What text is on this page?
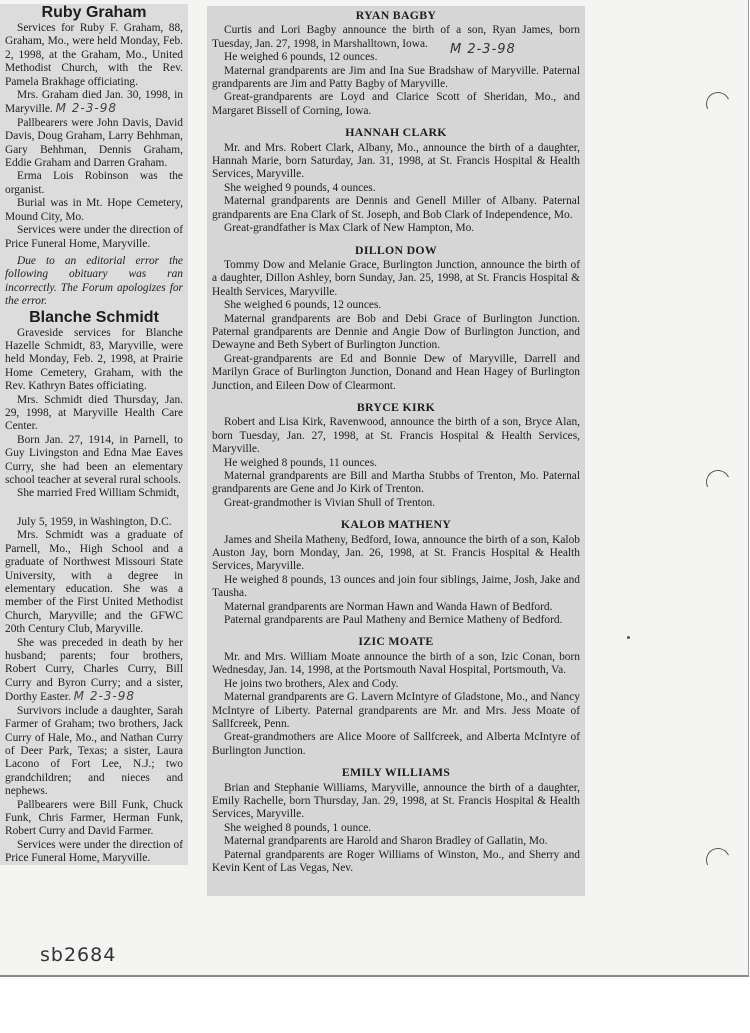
Ruby Graham

Services for Ruby F. Graham, 88, Graham, Mo., were held Monday, Feb. 2, 1998, at the Graham, Mo., United Methodist Church, with the Rev. Pamela Brakhage officiating.

Mrs. Graham died Jan. 30, 1998, in Maryville. M 2-3-98

Pallbearers were John Davis, David Davis, Doug Graham, Larry Behhman, Gary Behhman, Dennis Graham, Eddie Graham and Darren Graham.

Erma Lois Robinson was the organist.

Burial was in Mt. Hope Cemetery, Mound City, Mo.

Services were under the direction of Price Funeral Home, Maryville.

Due to an editorial error the following obituary was ran incorrectly. The Forum apologizes for the error.

Blanche Schmidt

Graveside services for Blanche Hazelle Schmidt, 83, Maryville, were held Monday, Feb. 2, 1998, at Prairie Home Cemetery, Graham, with the Rev. Kathryn Bates officiating.

Mrs. Schmidt died Thursday, Jan. 29, 1998, at Maryville Health Care Center.

Born Jan. 27, 1914, in Parnell, to Guy Livingston and Edna Mae Eaves Curry, she had been an elementary school teacher at several rural schools.

She married Fred William Schmidt,

July 5, 1959, in Washington, D.C.

Mrs. Schmidt was a graduate of Parnell, Mo., High School and a graduate of Northwest Missouri State University, with a degree in elementary education. She was a member of the First United Methodist Church, Maryville; and the GFWC 20th Century Club, Maryville.

She was preceded in death by her husband; parents; four brothers, Robert Curry, Charles Curry, Bill Curry and Byron Curry; and a sister, Dorthy Easter. M 2-3-98

Survivors include a daughter, Sarah Farmer of Graham; two brothers, Jack Curry of Hale, Mo., and Nathan Curry of Deer Park, Texas; a sister, Laura Lacono of Fort Lee, N.J.; two grandchildren; and nieces and nephews.

Pallbearers were Bill Funk, Chuck Funk, Chris Farmer, Herman Funk, Robert Curry and David Farmer.

Services were under the direction of Price Funeral Home, Maryville.

RYAN BAGBY

Curtis and Lori Bagby announce the birth of a son, Ryan James, born Tuesday, Jan. 27, 1998, in Marshalltown, Iowa.

He weighed 6 pounds, 12 ounces.

Maternal grandparents are Jim and Ina Sue Bradshaw of Maryville. Paternal grandparents are Jim and Patty Bagby of Maryville.

Great-grandparents are Loyd and Clarice Scott of Sheridan, Mo., and Margaret Bissell of Corning, Iowa.

HANNAH CLARK

Mr. and Mrs. Robert Clark, Albany, Mo., announce the birth of a daughter, Hannah Marie, born Saturday, Jan. 31, 1998, at St. Francis Hospital & Health Services, Maryville.

She weighed 9 pounds, 4 ounces.

Maternal grandparents are Dennis and Genell Miller of Albany. Paternal grandparents are Ena Clark of St. Joseph, and Bob Clark of Independence, Mo.

Great-grandfather is Max Clark of New Hampton, Mo.

DILLON DOW

Tommy Dow and Melanie Grace, Burlington Junction, announce the birth of a daughter, Dillon Ashley, born Sunday, Jan. 25, 1998, at St. Francis Hospital & Health Services, Maryville.

She weighed 6 pounds, 12 ounces.

Maternal grandparents are Bob and Debi Grace of Burlington Junction. Paternal grandparents are Dennie and Angie Dow of Burlington Junction, and Dewayne and Beth Sybert of Burlington Junction.

Great-grandparents are Ed and Bonnie Dew of Maryville, Darrell and Marilyn Grace of Burlington Junction, Donand and Hean Hagey of Burlington Junction, and Eileen Dow of Clearmont.

BRYCE KIRK

Robert and Lisa Kirk, Ravenwood, announce the birth of a son, Bryce Alan, born Tuesday, Jan. 27, 1998, at St. Francis Hospital & Health Services, Maryville.

He weighed 8 pounds, 11 ounces.

Maternal grandparents are Bill and Martha Stubbs of Trenton, Mo. Paternal grandparents are Gene and Jo Kirk of Trenton.

Great-grandmother is Vivian Shull of Trenton.

KALOB MATHENY

James and Sheila Matheny, Bedford, Iowa, announce the birth of a son, Kalob Auston Jay, born Monday, Jan. 26, 1998, at St. Francis Hospital & Health Services, Maryville.

He weighed 8 pounds, 13 ounces and join four siblings, Jaime, Josh, Jake and Tausha.

Maternal grandparents are Norman Hawn and Wanda Hawn of Bedford.

Paternal grandparents are Paul Matheny and Bernice Matheny of Bedford.

IZIC MOATE

Mr. and Mrs. William Moate announce the birth of a son, Izic Conan, born Wednesday, Jan. 14, 1998, at the Portsmouth Naval Hospital, Portsmouth, Va.

He joins two brothers, Alex and Cody.

Maternal grandparents are G. Lavern McIntyre of Gladstone, Mo., and Nancy McIntyre of Liberty. Paternal grandparents are Mr. and Mrs. Jess Moate of Sallfcreek, Penn.

Great-grandmothers are Alice Moore of Sallfcreek, and Alberta McIntyre of Burlington Junction.

EMILY WILLIAMS

Brian and Stephanie Williams, Maryville, announce the birth of a daughter, Emily Rachelle, born Thursday, Jan. 29, 1998, at St. Francis Hospital & Health Services, Maryville.

She weighed 8 pounds, 1 ounce.

Maternal grandparents are Harold and Sharon Bradley of Gallatin, Mo.

Paternal grandparents are Roger Williams of Winston, Mo., and Sherry and Kevin Kent of Las Vegas, Nev.

M 2-3-98
sb2684
